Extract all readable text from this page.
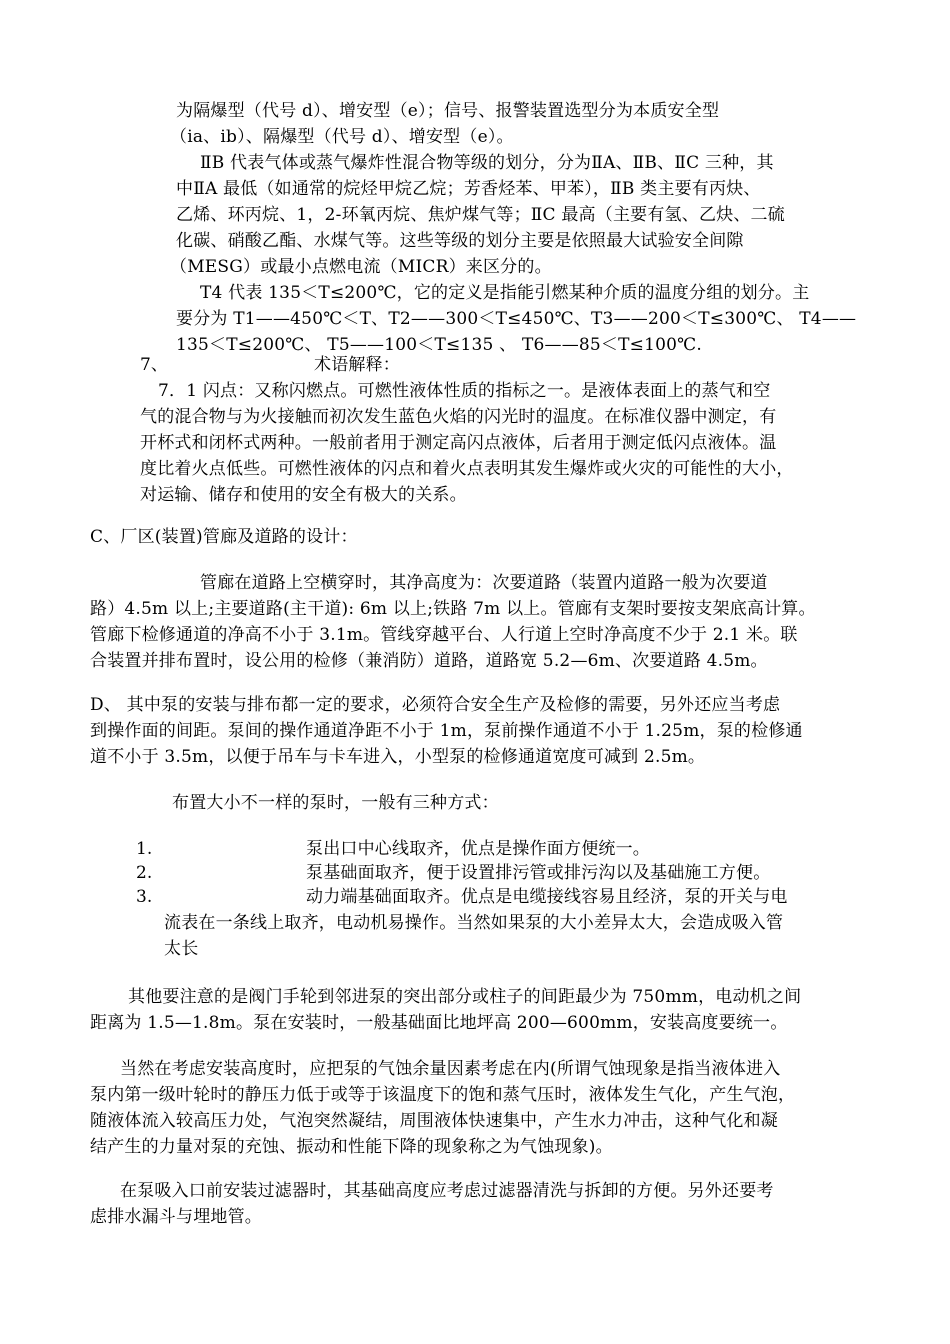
为隔爆型（代号 d）、增安型（e）；信号、报警装置选型分为本质安全型

（ia、ib）、隔爆型（代号 d）、增安型（e）。

ⅡB 代表气体或蒸气爆炸性混合物等级的划分，分为ⅡA、ⅡB、ⅡC 三种，其

中ⅡA 最低（如通常的烷烃甲烷乙烷；芳香烃苯、甲苯），ⅡB 类主要有丙炔、

乙烯、环丙烷、1，2-环氧丙烷、焦炉煤气等；ⅡC 最高（主要有氢、乙炔、二硫

化碳、硝酸乙酯、水煤气等。这些等级的划分主要是依照最大试验安全间隙

（MESG）或最小点燃电流（MICR）来区分的。

T4 代表 135＜T≤200℃，它的定义是指能引燃某种介质的温度分组的划分。主

要分为 T1——450℃＜T、T2——300＜T≤450℃、T3——200＜T≤300℃、 T4——

135＜T≤200℃、 T5——100＜T≤135 、 T6——85＜T≤100℃.

7、	术语解释：

7．1 闪点：又称闪燃点。可燃性液体性质的指标之一。是液体表面上的蒸气和空

气的混合物与为火接触而初次发生蓝色火焰的闪光时的温度。在标准仪器中测定，有

开杯式和闭杯式两种。一般前者用于测定高闪点液体，后者用于测定低闪点液体。温

度比着火点低些。可燃性液体的闪点和着火点表明其发生爆炸或火灾的可能性的大小，

对运输、储存和使用的安全有极大的关系。

C、厂区(装置)管廊及道路的设计：

管廊在道路上空横穿时，其净高度为：次要道路（装置内道路一般为次要道

路）4.5m 以上;主要道路(主干道): 6m 以上;铁路 7m 以上。管廊有支架时要按支架底高计算。

管廊下检修通道的净高不小于 3.1m。管线穿越平台、人行道上空时净高度不少于 2.1 米。联

合装置并排布置时，设公用的检修（兼消防）道路，道路宽 5.2—6m、次要道路 4.5m。

D、 其中泵的安装与排布都一定的要求，必须符合安全生产及检修的需要，另外还应当考虑

到操作面的间距。泵间的操作通道净距不小于 1m，泵前操作通道不小于 1.25m，泵的检修通

道不小于 3.5m，以便于吊车与卡车进入，小型泵的检修通道宽度可减到 2.5m。

布置大小不一样的泵时，一般有三种方式：

1.	泵出口中心线取齐，优点是操作面方便统一。
2.	泵基础面取齐，便于设置排污管或排污沟以及基础施工方便。
3.	动力端基础面取齐。优点是电缆接线容易且经济，泵的开关与电

流表在一条线上取齐，电动机易操作。当然如果泵的大小差异太大，会造成吸入管

太长

其他要注意的是阀门手轮到邻进泵的突出部分或柱子的间距最少为 750mm，电动机之间

距离为 1.5—1.8m。泵在安装时，一般基础面比地坪高 200—600mm，安装高度要统一。

当然在考虑安装高度时，应把泵的气蚀余量因素考虑在内(所谓气蚀现象是指当液体进入

泵内第一级叶轮时的静压力低于或等于该温度下的饱和蒸气压时，液体发生气化，产生气泡，

随液体流入较高压力处，气泡突然凝结，周围液体快速集中，产生水力冲击，这种气化和凝

结产生的力量对泵的充蚀、振动和性能下降的现象称之为气蚀现象)。

在泵吸入口前安装过滤器时，其基础高度应考虑过滤器清洗与拆卸的方便。另外还要考

虑排水漏斗与埋地管。
